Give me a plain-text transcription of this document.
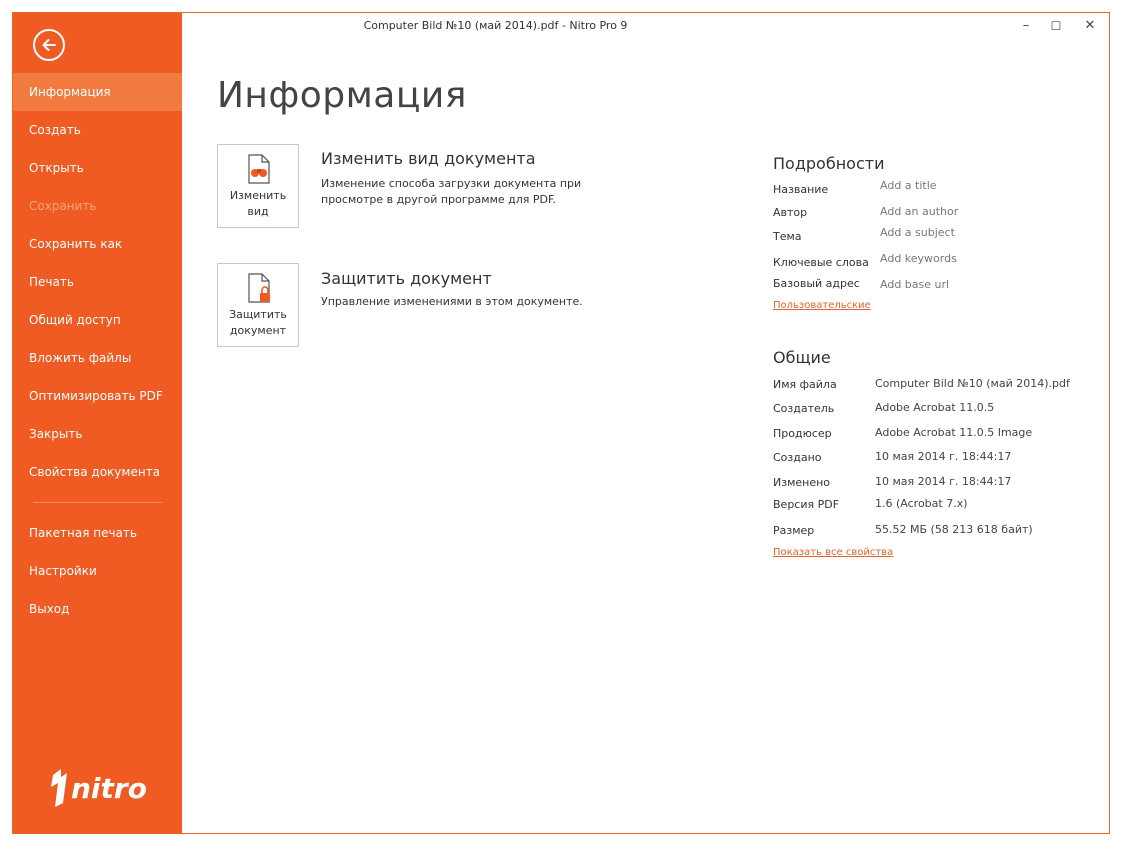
Информация
Создать
Открыть
Сохранить
Сохранить как
Печать
Общий доступ
Вложить файлы
Оптимизировать PDF
Закрыть
Свойства документа
Пакетная печать
Настройки
Выход
nitro
Computer Bild №10 (май 2014).pdf - Nitro Pro 9	–	☐	✕
Информация
Изменить
вид
Изменить вид документа
Изменение способа загрузки документа при
просмотре в другой программе для PDF.
Защитить
документ
Защитить документ
Управление изменениями в этом документе.
Подробности
Название	Add a title
Автор	Add an author
Тема	Add a subject
Ключевые слова Add keywords
Базовый адрес Add base url
Пользовательские
Общие
Имя файла	Computer Bild №10 (май 2014).pdf
Создатель	Adobe Acrobat 11.0.5
Продюсер	Adobe Acrobat 11.0.5 Image
Создано	10 мая 2014 г. 18:44:17
Изменено	10 мая 2014 г. 18:44:17
Версия PDF	1.6 (Acrobat 7.x)
Размер	55.52 МБ (58 213 618 байт)
Показать все свойства
